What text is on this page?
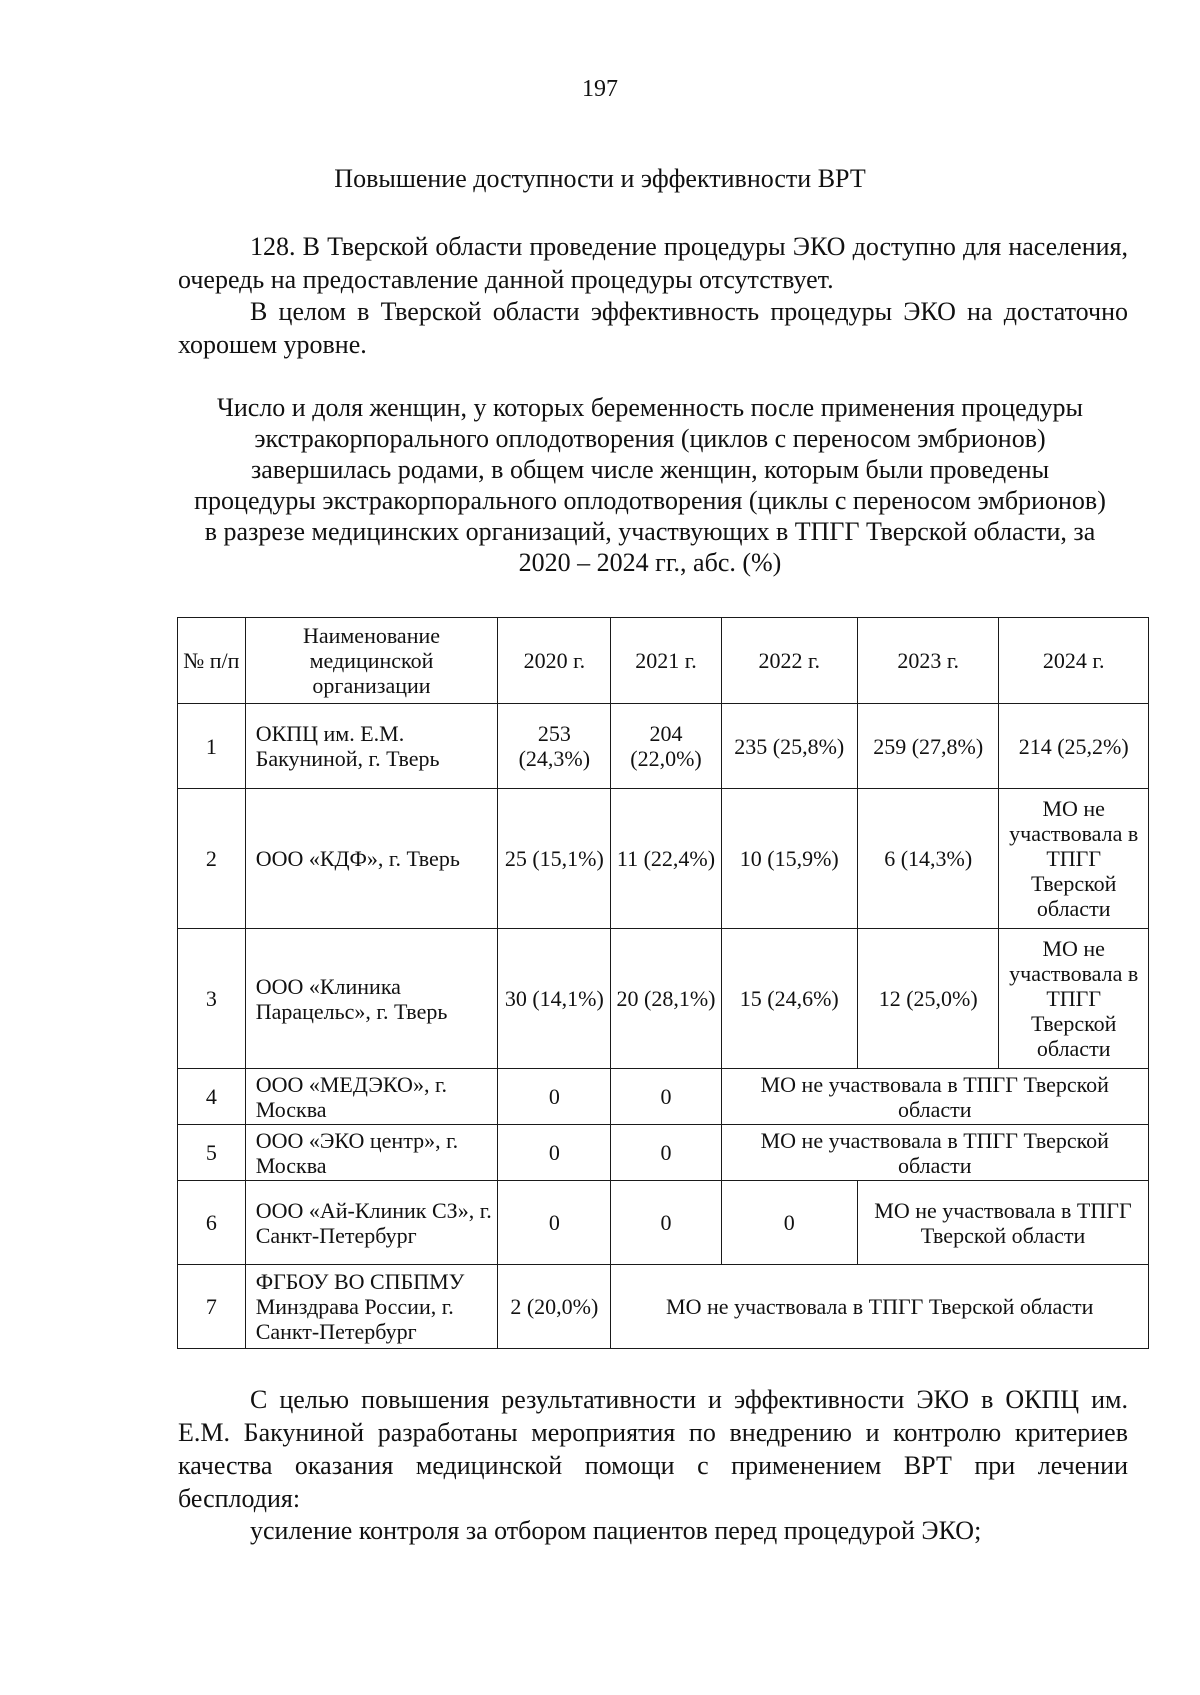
197
Повышение доступности и эффективности ВРТ
128. В Тверской области проведение процедуры ЭКО доступно для населения, очередь на предоставление данной процедуры отсутствует.
В целом в Тверской области эффективность процедуры ЭКО на достаточно хорошем уровне.
Число и доля женщин, у которых беременность после применения процедуры экстракорпорального оплодотворения (циклов с переносом эмбрионов) завершилась родами, в общем числе женщин, которым были проведены процедуры экстракорпорального оплодотворения (циклы с переносом эмбрионов) в разрезе медицинских организаций, участвующих в ТПГГ Тверской области, за 2020 – 2024 гг., абс. (%)
№ п/п	Наименование медицинской организации	2020 г.	2021 г.	2022 г.	2023 г.	2024 г.
1	ОКПЦ им. Е.М. Бакуниной, г. Тверь	253 (24,3%)	204 (22,0%)	235 (25,8%)	259 (27,8%)	214 (25,2%)
2	ООО «КДФ», г. Тверь	25 (15,1%)	11 (22,4%)	10 (15,9%)	6 (14,3%)	МО не участвовала в ТПГГ Тверской области
3	ООО «Клиника Парацельс», г. Тверь	30 (14,1%)	20 (28,1%)	15 (24,6%)	12 (25,0%)	МО не участвовала в ТПГГ Тверской области
4	ООО «МЕДЭКО», г. Москва	0	0	МО не участвовала в ТПГГ Тверской области		
5	ООО «ЭКО центр», г. Москва	0	0	МО не участвовала в ТПГГ Тверской области		
6	ООО «Ай-Клиник СЗ», г. Санкт-Петербург	0	0	0	МО не участвовала в ТПГГ Тверской области	
7	ФГБОУ ВО СПБПМУ Минздрава России, г. Санкт-Петербург	2 (20,0%)	МО не участвовала в ТПГГ Тверской области			
С целью повышения результативности и эффективности ЭКО в ОКПЦ им. Е.М. Бакуниной разработаны мероприятия по внедрению и контролю критериев качества оказания медицинской помощи с применением ВРТ при лечении бесплодия:
усиление контроля за отбором пациентов перед процедурой ЭКО;
